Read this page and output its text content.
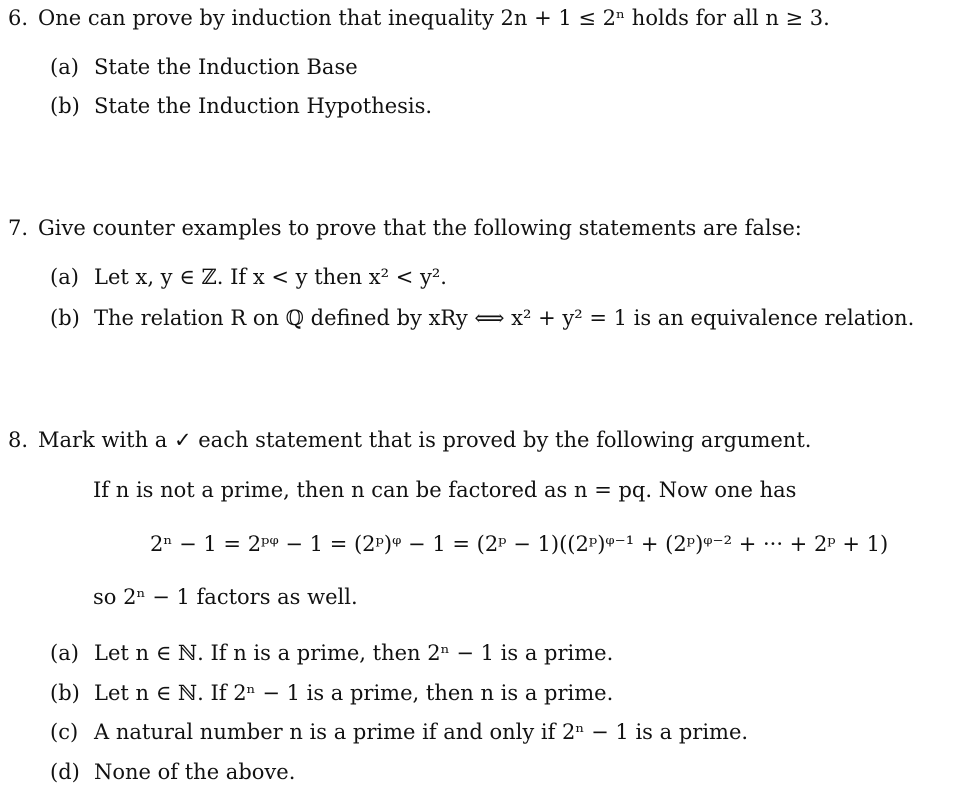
6. One can prove by induction that inequality 2n + 1 ≤ 2ⁿ holds for all n ≥ 3.
(a) State the Induction Base
(b) State the Induction Hypothesis.
7. Give counter examples to prove that the following statements are false:
(a) Let x, y ∈ ℤ. If x < y then x² < y².
(b) The relation R on ℚ defined by xRy ⟺ x² + y² = 1 is an equivalence relation.
8. Mark with a ✓ each statement that is proved by the following argument.
If n is not a prime, then n can be factored as n = pq. Now one has
2ⁿ − 1 = 2ᵖᵠ − 1 = (2ᵖ)ᵠ − 1 = (2ᵖ − 1)((2ᵖ)ᵠ⁻¹ + (2ᵖ)ᵠ⁻² + ··· + 2ᵖ + 1)
so 2ⁿ − 1 factors as well.
(a) Let n ∈ ℕ. If n is a prime, then 2ⁿ − 1 is a prime.
(b) Let n ∈ ℕ. If 2ⁿ − 1 is a prime, then n is a prime.
(c) A natural number n is a prime if and only if 2ⁿ − 1 is a prime.
(d) None of the above.
